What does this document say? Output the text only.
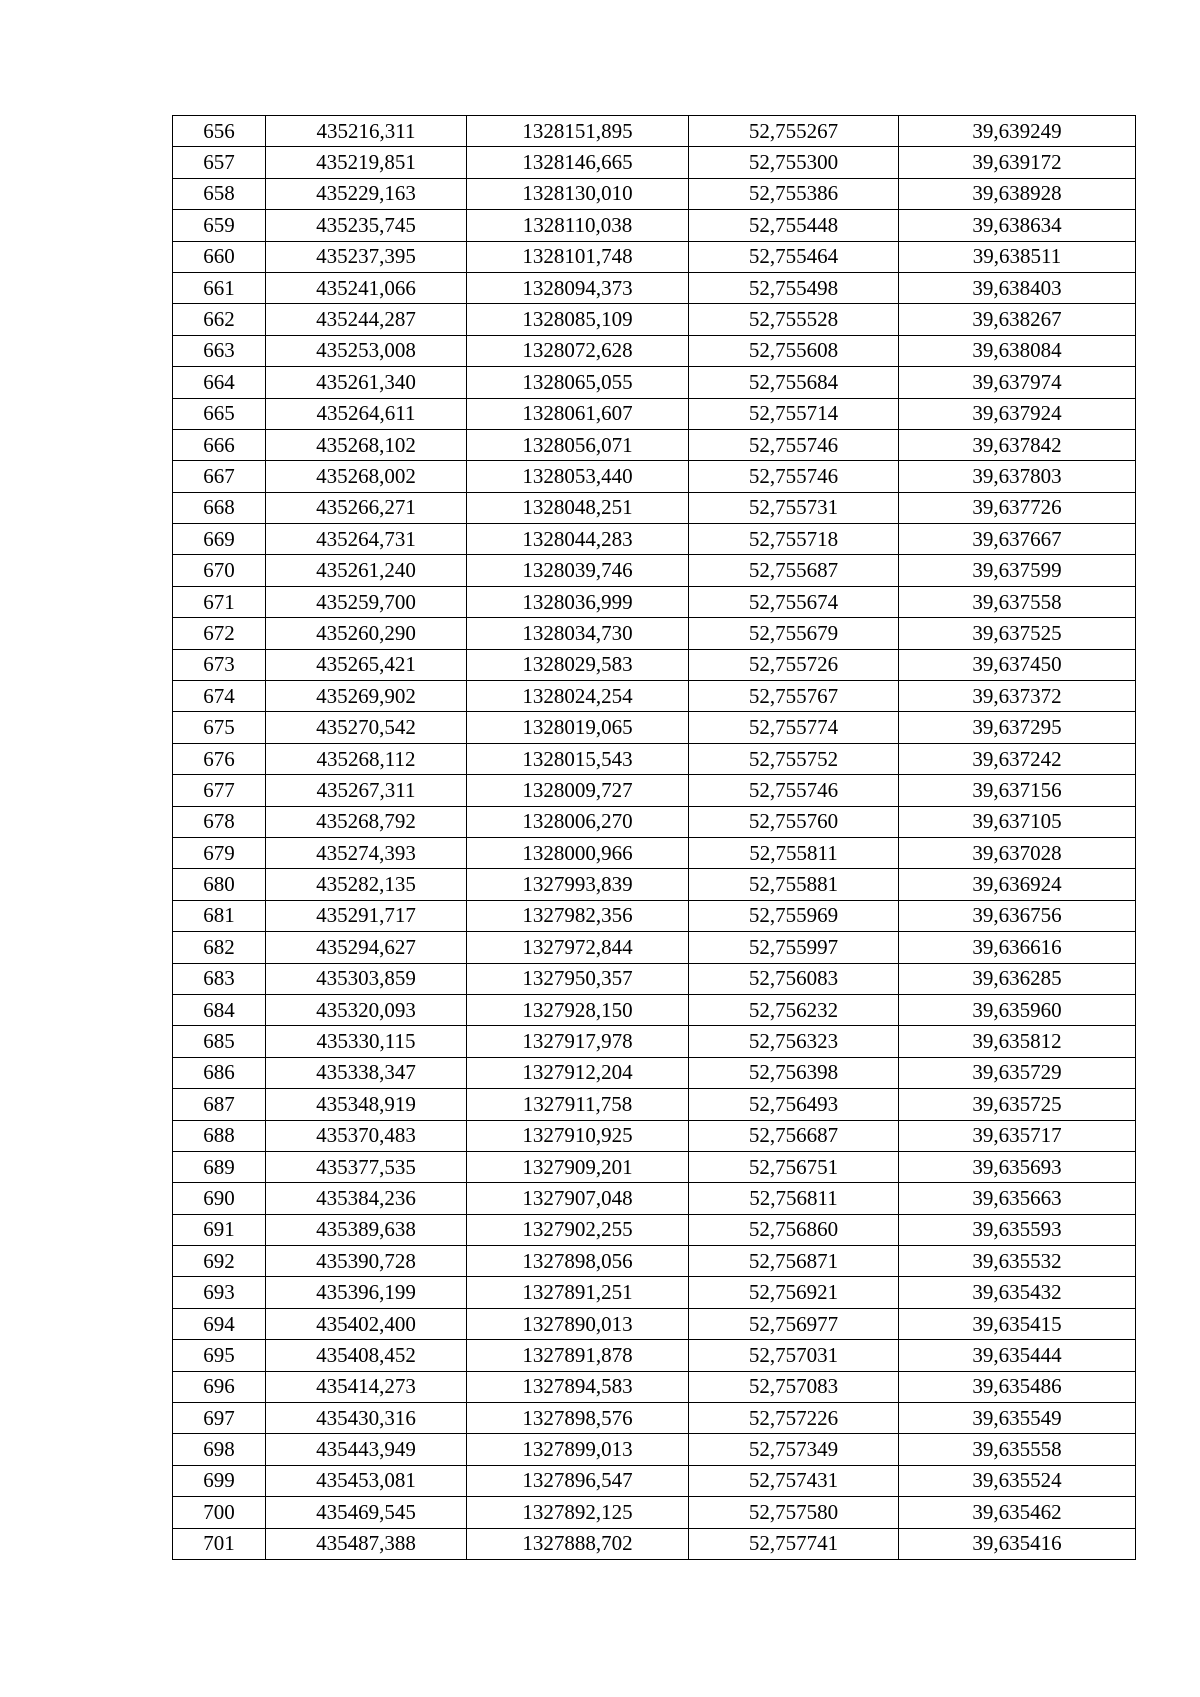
656	435216,311	1328151,895	52,755267	39,639249
657	435219,851	1328146,665	52,755300	39,639172
658	435229,163	1328130,010	52,755386	39,638928
659	435235,745	1328110,038	52,755448	39,638634
660	435237,395	1328101,748	52,755464	39,638511
661	435241,066	1328094,373	52,755498	39,638403
662	435244,287	1328085,109	52,755528	39,638267
663	435253,008	1328072,628	52,755608	39,638084
664	435261,340	1328065,055	52,755684	39,637974
665	435264,611	1328061,607	52,755714	39,637924
666	435268,102	1328056,071	52,755746	39,637842
667	435268,002	1328053,440	52,755746	39,637803
668	435266,271	1328048,251	52,755731	39,637726
669	435264,731	1328044,283	52,755718	39,637667
670	435261,240	1328039,746	52,755687	39,637599
671	435259,700	1328036,999	52,755674	39,637558
672	435260,290	1328034,730	52,755679	39,637525
673	435265,421	1328029,583	52,755726	39,637450
674	435269,902	1328024,254	52,755767	39,637372
675	435270,542	1328019,065	52,755774	39,637295
676	435268,112	1328015,543	52,755752	39,637242
677	435267,311	1328009,727	52,755746	39,637156
678	435268,792	1328006,270	52,755760	39,637105
679	435274,393	1328000,966	52,755811	39,637028
680	435282,135	1327993,839	52,755881	39,636924
681	435291,717	1327982,356	52,755969	39,636756
682	435294,627	1327972,844	52,755997	39,636616
683	435303,859	1327950,357	52,756083	39,636285
684	435320,093	1327928,150	52,756232	39,635960
685	435330,115	1327917,978	52,756323	39,635812
686	435338,347	1327912,204	52,756398	39,635729
687	435348,919	1327911,758	52,756493	39,635725
688	435370,483	1327910,925	52,756687	39,635717
689	435377,535	1327909,201	52,756751	39,635693
690	435384,236	1327907,048	52,756811	39,635663
691	435389,638	1327902,255	52,756860	39,635593
692	435390,728	1327898,056	52,756871	39,635532
693	435396,199	1327891,251	52,756921	39,635432
694	435402,400	1327890,013	52,756977	39,635415
695	435408,452	1327891,878	52,757031	39,635444
696	435414,273	1327894,583	52,757083	39,635486
697	435430,316	1327898,576	52,757226	39,635549
698	435443,949	1327899,013	52,757349	39,635558
699	435453,081	1327896,547	52,757431	39,635524
700	435469,545	1327892,125	52,757580	39,635462
701	435487,388	1327888,702	52,757741	39,635416
